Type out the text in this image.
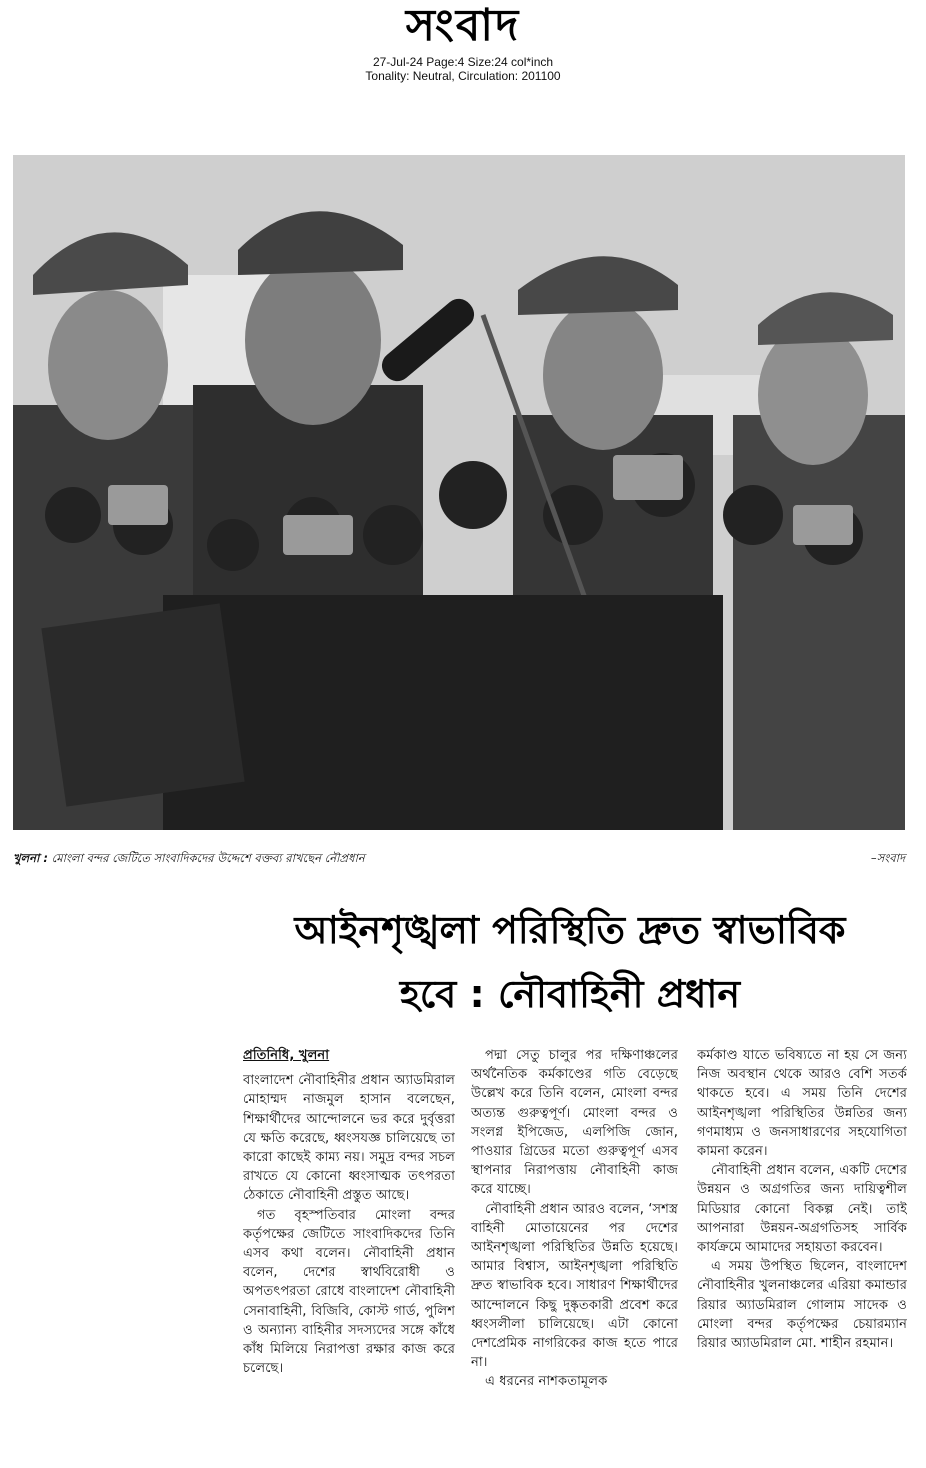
সংবাদ
27-Jul-24 Page:4 Size:24 col*inch
Tonality: Neutral, Circulation: 201100
খুলনা : মোংলা বন্দর জেটিতে সাংবাদিকদের উদ্দেশে বক্তব্য রাখছেন নৌপ্রধান	–সংবাদ
আইনশৃঙ্খলা পরিস্থিতি দ্রুত স্বাভাবিক
হবে : নৌবাহিনী প্রধান
প্রতিনিধি, খুলনা

বাংলাদেশ নৌবাহিনীর প্রধান অ্যাডমিরাল মোহাম্মদ নাজমুল হাসান বলেছেন, শিক্ষার্থীদের আন্দোলনে ভর করে দুর্বৃত্তরা যে ক্ষতি করেছে, ধ্বংসযজ্ঞ চালিয়েছে তা কারো কাছেই কাম্য নয়। সমুদ্র বন্দর সচল রাখতে যে কোনো ধ্বংসাত্মক তৎপরতা ঠেকাতে নৌবাহিনী প্রস্তুত আছে।

গত বৃহস্পতিবার মোংলা বন্দর কর্তৃপক্ষের জেটিতে সাংবাদিকদের তিনি এসব কথা বলেন। নৌবাহিনী প্রধান বলেন, দেশের স্বার্থবিরোধী ও অপতৎপরতা রোধে বাংলাদেশ নৌবাহিনী সেনাবাহিনী, বিজিবি, কোস্ট গার্ড, পুলিশ ও অন্যান্য বাহিনীর সদস্যদের সঙ্গে কাঁধে কাঁধ মিলিয়ে নিরাপত্তা রক্ষার কাজ করে চলেছে।

পদ্মা সেতু চালুর পর দক্ষিণাঞ্চলের অর্থনৈতিক কর্মকাণ্ডের গতি বেড়েছে উল্লেখ করে তিনি বলেন, মোংলা বন্দর অত্যন্ত গুরুত্বপূর্ণ। মোংলা বন্দর ও সংলগ্ন ইপিজেড, এলপিজি জোন, পাওয়ার গ্রিডের মতো গুরুত্বপূর্ণ এসব স্থাপনার নিরাপত্তায় নৌবাহিনী কাজ করে যাচ্ছে।

নৌবাহিনী প্রধান আরও বলেন, ‘সশস্ত্র বাহিনী মোতায়েনের পর দেশের আইনশৃঙ্খলা পরিস্থিতির উন্নতি হয়েছে। আমার বিশ্বাস, আইনশৃঙ্খলা পরিস্থিতি দ্রুত স্বাভাবিক হবে। সাধারণ শিক্ষার্থীদের আন্দোলনে কিছু দুষ্কৃতকারী প্রবেশ করে ধ্বংসলীলা চালিয়েছে। এটা কোনো দেশপ্রেমিক নাগরিকের কাজ হতে পারে না।

এ ধরনের নাশকতামূলক

কর্মকাণ্ড যাতে ভবিষ্যতে না হয় সে জন্য নিজ অবস্থান থেকে আরও বেশি সতর্ক থাকতে হবে। এ সময় তিনি দেশের আইনশৃঙ্খলা পরিস্থিতির উন্নতির জন্য গণমাধ্যম ও জনসাধারণের সহযোগিতা কামনা করেন।

নৌবাহিনী প্রধান বলেন, একটি দেশের উন্নয়ন ও অগ্রগতির জন্য দায়িত্বশীল মিডিয়ার কোনো বিকল্প নেই। তাই আপনারা উন্নয়ন-অগ্রগতিসহ সার্বিক কার্যক্রমে আমাদের সহায়তা করবেন।

এ সময় উপস্থিত ছিলেন, বাংলাদেশ নৌবাহিনীর খুলনাঞ্চলের এরিয়া কমান্ডার রিয়ার অ্যাডমিরাল গোলাম সাদেক ও মোংলা বন্দর কর্তৃপক্ষের চেয়ারম্যান রিয়ার অ্যাডমিরাল মো. শাহীন রহমান।
